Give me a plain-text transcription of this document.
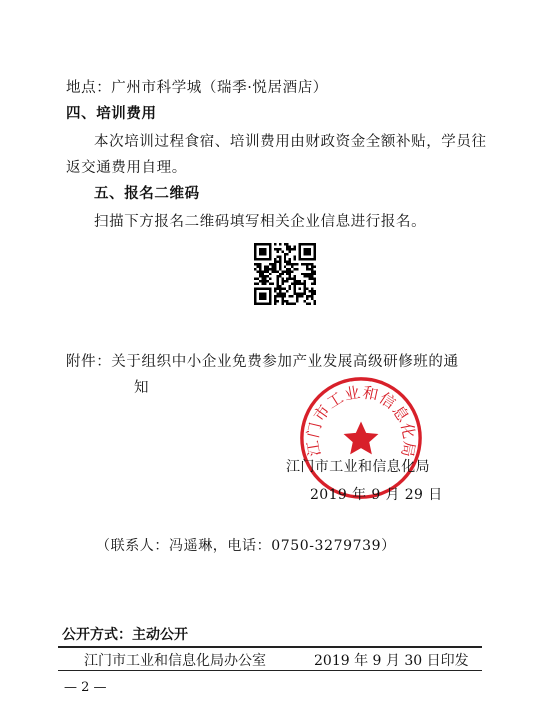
地点：广州市科学城（瑞季·悦居酒店）
四、培训费用
本次培训过程食宿、培训费用由财政资金全额补贴，学员往
返交通费用自理。
五、报名二维码
扫描下方报名二维码填写相关企业信息进行报名。
附件：关于组织中小企业免费参加产业发展高级研修班的通
知
江门市工业和信息化局
江门市工业和信息化局
2019 年 9 月 29 日
（联系人：冯遥琳，电话：0750-3279739）
公开方式：主动公开
江门市工业和信息化局办公室	2019 年 9 月 30 日印发
— 2 —
